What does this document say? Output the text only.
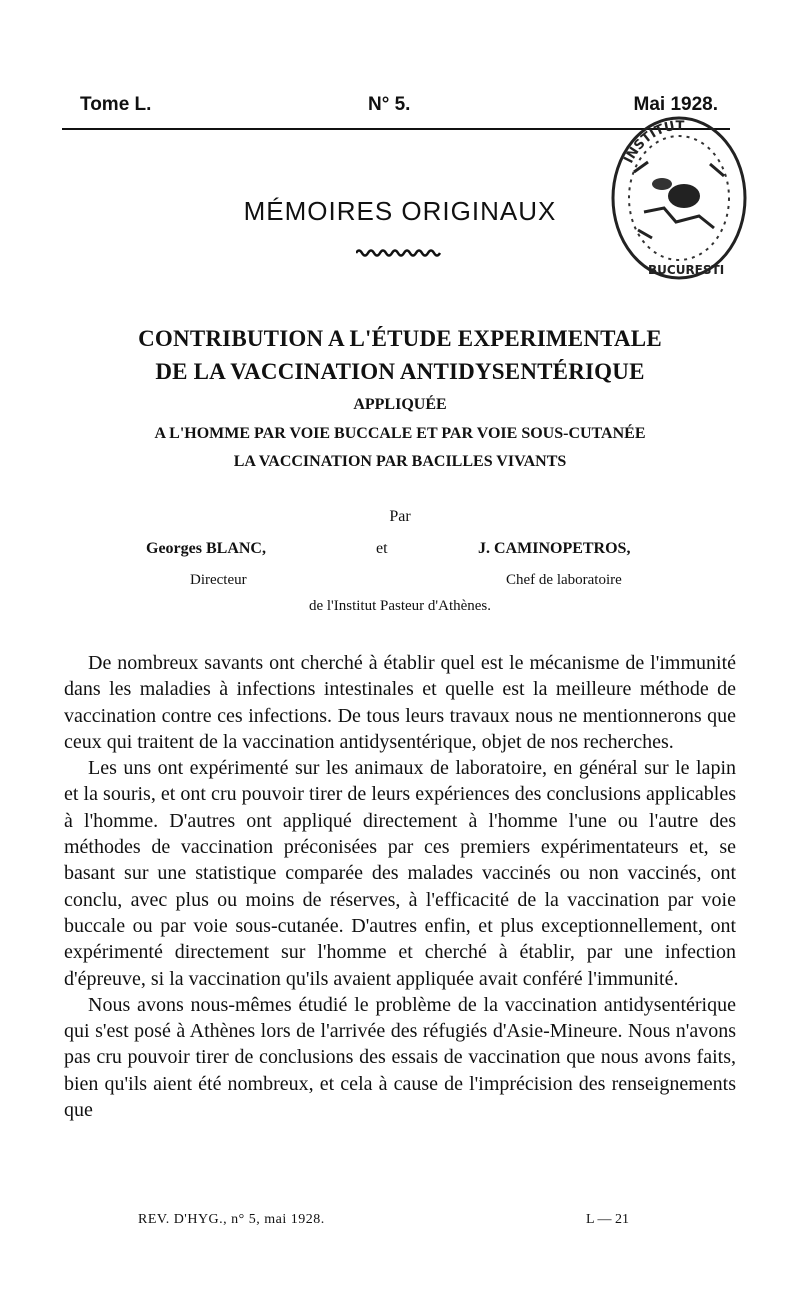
Tome L.	N° 5.	Mai 1928.
INSTITUT
BUCURESTI
MÉMOIRES ORIGINAUX
CONTRIBUTION A L'ÉTUDE EXPERIMENTALE
DE LA VACCINATION ANTIDYSENTÉRIQUE
APPLIQUÉE
A L'HOMME PAR VOIE BUCCALE ET PAR VOIE SOUS-CUTANÉE
LA VACCINATION PAR BACILLES VIVANTS
Par
Georges BLANC,	et	J. CAMINOPETROS,
Directeur	Chef de laboratoire
de l'Institut Pasteur d'Athènes.

De nombreux savants ont cherché à établir quel est le mécanisme de l'immunité dans les maladies à infections intestinales et quelle est la meilleure méthode de vaccination contre ces infections. De tous leurs travaux nous ne mentionnerons que ceux qui traitent de la vaccination antidysentérique, objet de nos recherches.

Les uns ont expérimenté sur les animaux de laboratoire, en général sur le lapin et la souris, et ont cru pouvoir tirer de leurs expériences des conclusions applicables à l'homme. D'autres ont appliqué directement à l'homme l'une ou l'autre des méthodes de vaccination préconisées par ces premiers expérimentateurs et, se basant sur une statistique comparée des malades vaccinés ou non vaccinés, ont conclu, avec plus ou moins de réserves, à l'efficacité de la vaccination par voie buccale ou par voie sous-cutanée. D'autres enfin, et plus exceptionnellement, ont expérimenté directement sur l'homme et cherché à établir, par une infection d'épreuve, si la vaccination qu'ils avaient appliquée avait conféré l'immunité.

Nous avons nous-mêmes étudié le problème de la vaccination antidysentérique qui s'est posé à Athènes lors de l'arrivée des réfugiés d'Asie-Mineure. Nous n'avons pas cru pouvoir tirer de conclusions des essais de vaccination que nous avons faits, bien qu'ils aient été nombreux, et cela à cause de l'imprécision des renseignements que

REV. D'HYG., n° 5, mai 1928.	L — 21
